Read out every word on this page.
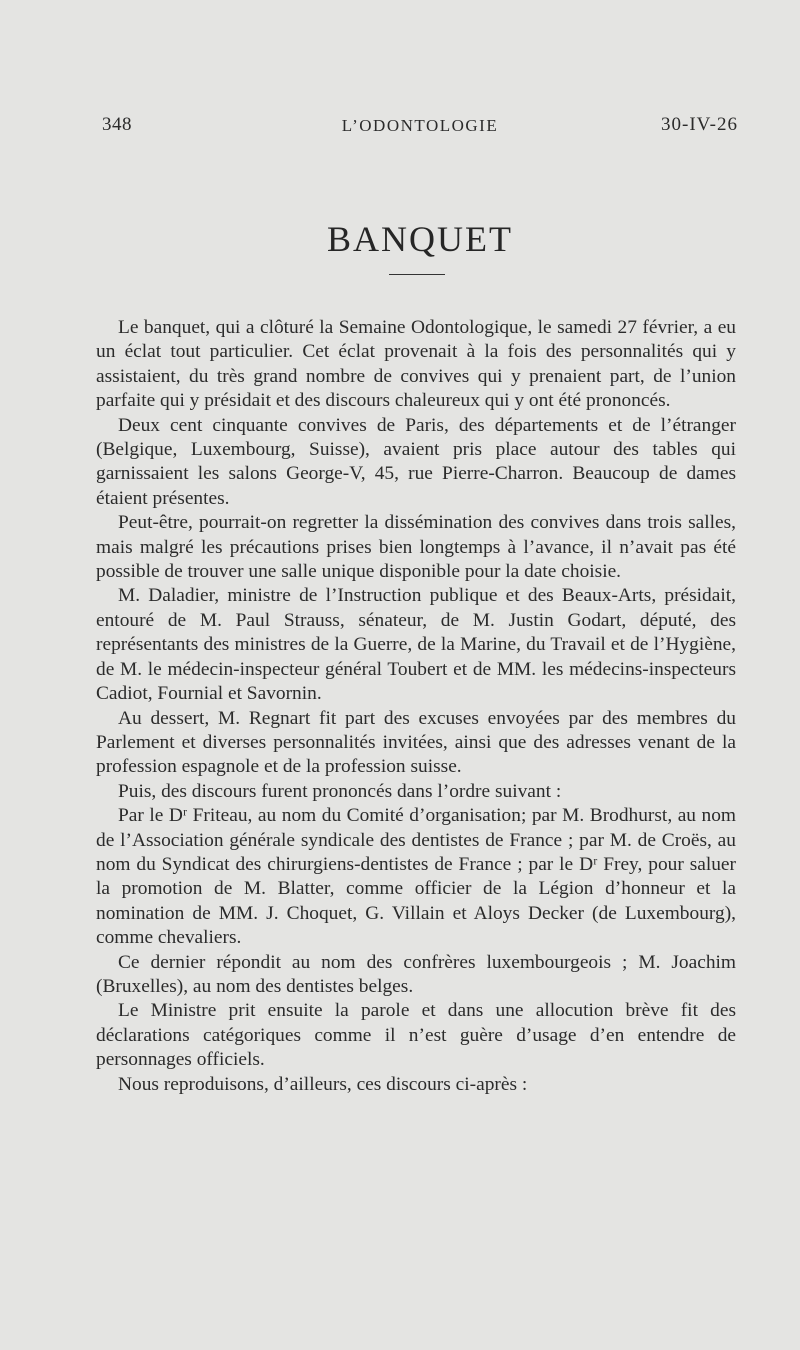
348	L’ODONTOLOGIE	30-IV-26
BANQUET

Le banquet, qui a clôturé la Semaine Odontologique, le samedi 27 février, a eu un éclat tout particulier. Cet éclat provenait à la fois des personnalités qui y assistaient, du très grand nombre de convives qui y prenaient part, de l’union parfaite qui y présidait et des discours chaleureux qui y ont été prononcés.

Deux cent cinquante convives de Paris, des départements et de l’étranger (Belgique, Luxembourg, Suisse), avaient pris place autour des tables qui garnissaient les salons George-V, 45, rue Pierre-Charron. Beaucoup de dames étaient présentes.

Peut-être, pourrait-on regretter la dissémination des convives dans trois salles, mais malgré les précautions prises bien longtemps à l’avance, il n’avait pas été possible de trouver une salle unique disponible pour la date choisie.

M. Daladier, ministre de l’Instruction publique et des Beaux-Arts, présidait, entouré de M. Paul Strauss, sénateur, de M. Justin Godart, député, des représentants des ministres de la Guerre, de la Marine, du Travail et de l’Hygiène, de M. le médecin-inspecteur général Toubert et de MM. les médecins-inspecteurs Cadiot, Fournial et Savornin.

Au dessert, M. Regnart fit part des excuses envoyées par des membres du Parlement et diverses personnalités invitées, ainsi que des adresses venant de la profession espagnole et de la profession suisse.

Puis, des discours furent prononcés dans l’ordre suivant :

Par le Dʳ Friteau, au nom du Comité d’organisation; par M. Brodhurst, au nom de l’Association générale syndicale des dentistes de France ; par M. de Croës, au nom du Syndicat des chirurgiens-dentistes de France ; par le Dʳ Frey, pour saluer la promotion de M. Blatter, comme officier de la Légion d’honneur et la nomination de MM. J. Choquet, G. Villain et Aloys Decker (de Luxembourg), comme chevaliers.

Ce dernier répondit au nom des confrères luxembourgeois ; M. Joachim (Bruxelles), au nom des dentistes belges.

Le Ministre prit ensuite la parole et dans une allocution brève fit des déclarations catégoriques comme il n’est guère d’usage d’en entendre de personnages officiels.

Nous reproduisons, d’ailleurs, ces discours ci-après :
